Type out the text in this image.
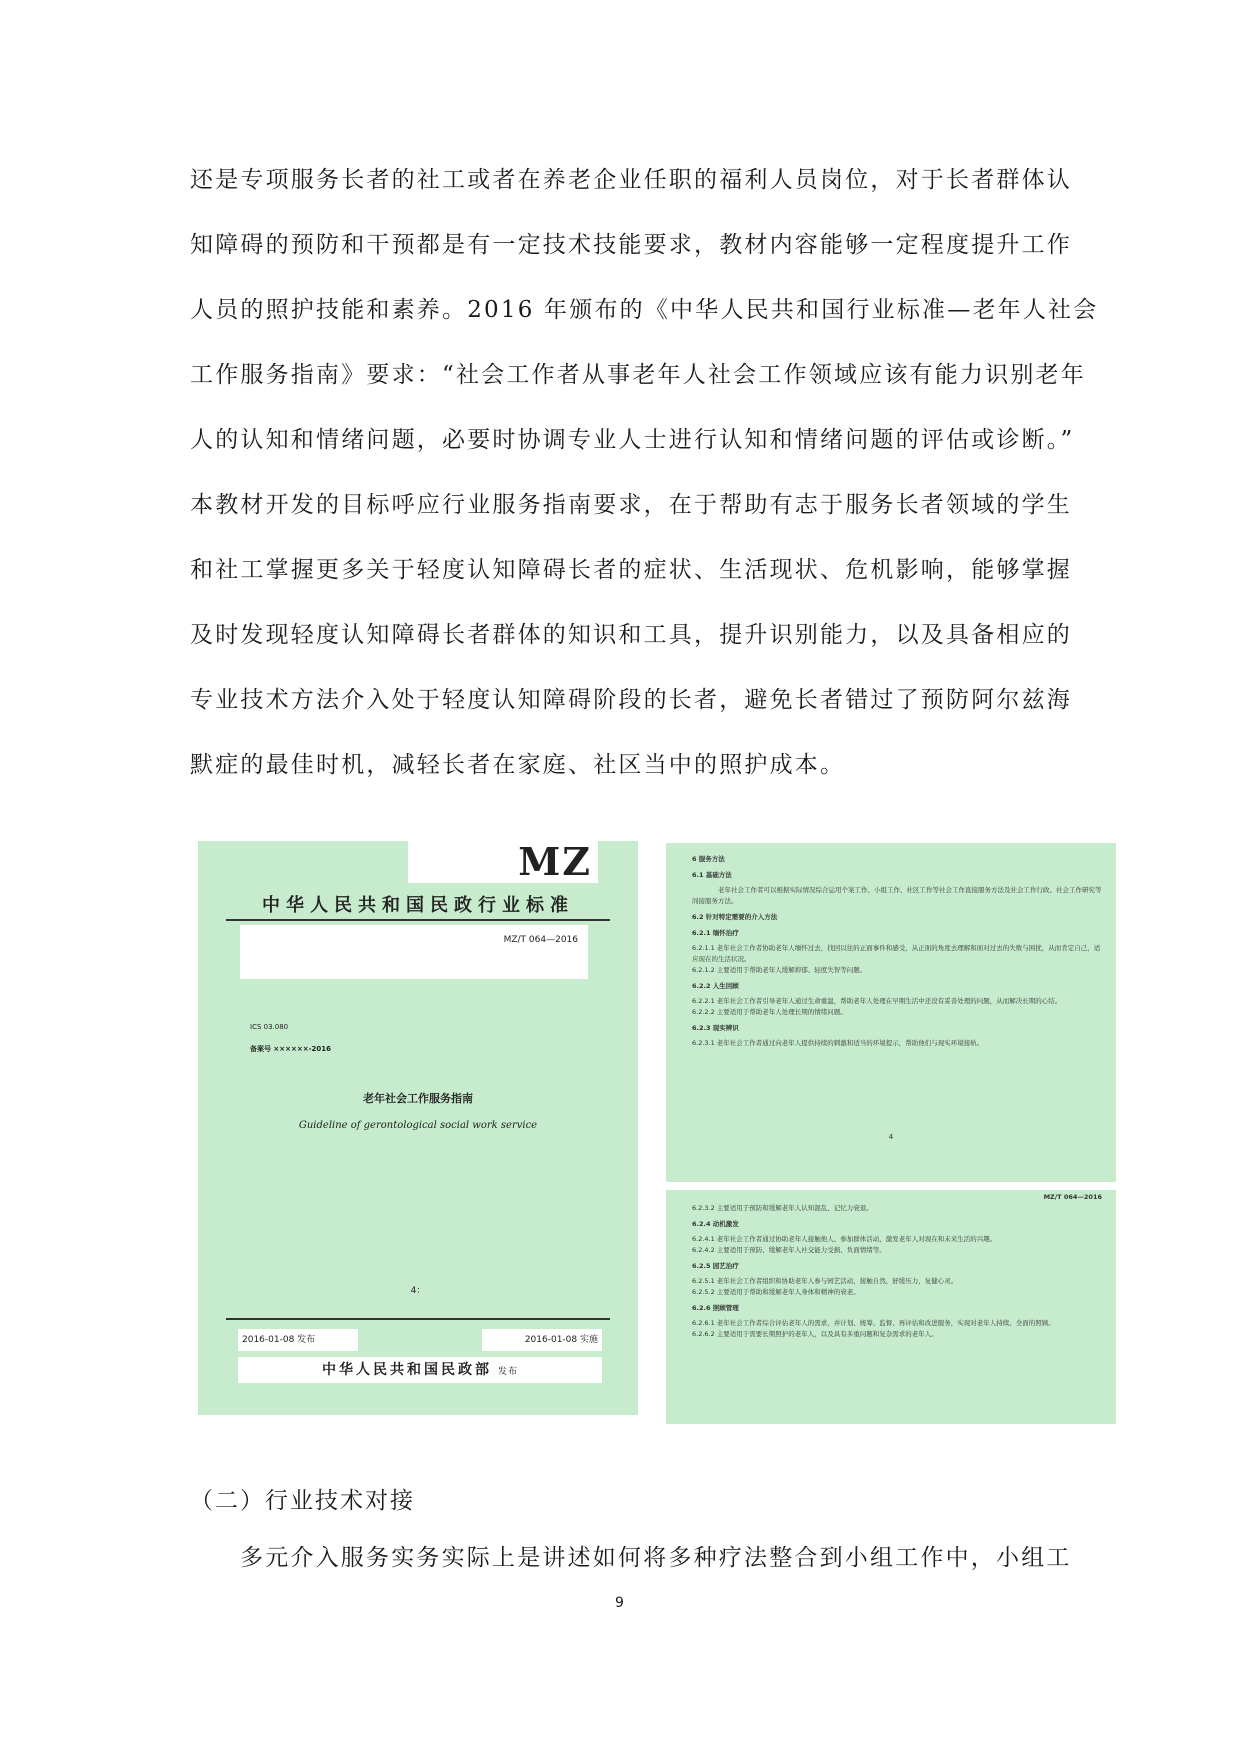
还是专项服务长者的社工或者在养老企业任职的福利人员岗位，对于长者群体认
知障碍的预防和干预都是有一定技术技能要求，教材内容能够一定程度提升工作
人员的照护技能和素养。2016 年颁布的《中华人民共和国行业标准—老年人社会
工作服务指南》要求：“社会工作者从事老年人社会工作领域应该有能力识别老年
人的认知和情绪问题，必要时协调专业人士进行认知和情绪问题的评估或诊断。”
本教材开发的目标呼应行业服务指南要求，在于帮助有志于服务长者领域的学生
和社工掌握更多关于轻度认知障碍长者的症状、生活现状、危机影响，能够掌握
及时发现轻度认知障碍长者群体的知识和工具，提升识别能力，以及具备相应的
专业技术方法介入处于轻度认知障碍阶段的长者，避免长者错过了预防阿尔兹海
默症的最佳时机，减轻长者在家庭、社区当中的照护成本。
MZ
中华人民共和国民政行业标准
MZ/T 064—2016
ICS 03.080
备案号 ××××××-2016
老年社会工作服务指南
Guideline of gerontological social work service
4：
2016-01-08 发布	2016-01-08 实施
中华人民共和国民政部 发布

6 服务方法

6.1 基础方法

老年社会工作者可以根据实际情况综合运用个案工作、小组工作、社区工作等社会工作直接服务方法及社会工作行政、社会工作研究等间接服务方法。

6.2 针对特定需要的介入方法

6.2.1 缅怀治疗

6.2.1.1 老年社会工作者协助老年人缅怀过去，找回以往的正面事件和感受，从正面的角度去理解和面对过去的失败与困扰，从而肯定自己，适应现在的生活状况。

6.2.1.2 主要适用于帮助老年人缓解抑郁、轻度失智等问题。

6.2.2 人生回顾

6.2.2.1 老年社会工作者引导老年人通过生命重温，帮助老年人处理在早期生活中还没有妥善处理的问题，从而解决长期的心结。

6.2.2.2 主要适用于帮助老年人处理长期的情绪问题。

6.2.3 现实辨识

6.2.3.1 老年社会工作者通过向老年人提供持续的刺激和适当的环境提示，帮助他们与现实环境接轨。

4

MZ/T 064—2016

6.2.3.2 主要适用于预防和缓解老年人认知混乱、记忆力衰退。

6.2.4 动机激发

6.2.4.1 老年社会工作者通过协助老年人接触他人、参加群体活动，激发老年人对现在和未来生活的兴趣。

6.2.4.2 主要适用于预防、缓解老年人社交能力受损、负面情绪等。

6.2.5 园艺治疗

6.2.5.1 老年社会工作者组织和协助老年人参与园艺活动，接触自然，舒缓压力，复健心灵。

6.2.5.2 主要适用于帮助和缓解老年人身体和精神的衰老。

6.2.6 照顾管理

6.2.6.1 老年社会工作者综合评估老年人的需求，并计划、统筹、监督、再评估和改进服务，实现对老年人持续、全面的照顾。

6.2.6.2 主要适用于需要长期照护的老年人，以及具有多重问题和复杂需求的老年人。

（二）行业技术对接

多元介入服务实务实际上是讲述如何将多种疗法整合到小组工作中，小组工

9
